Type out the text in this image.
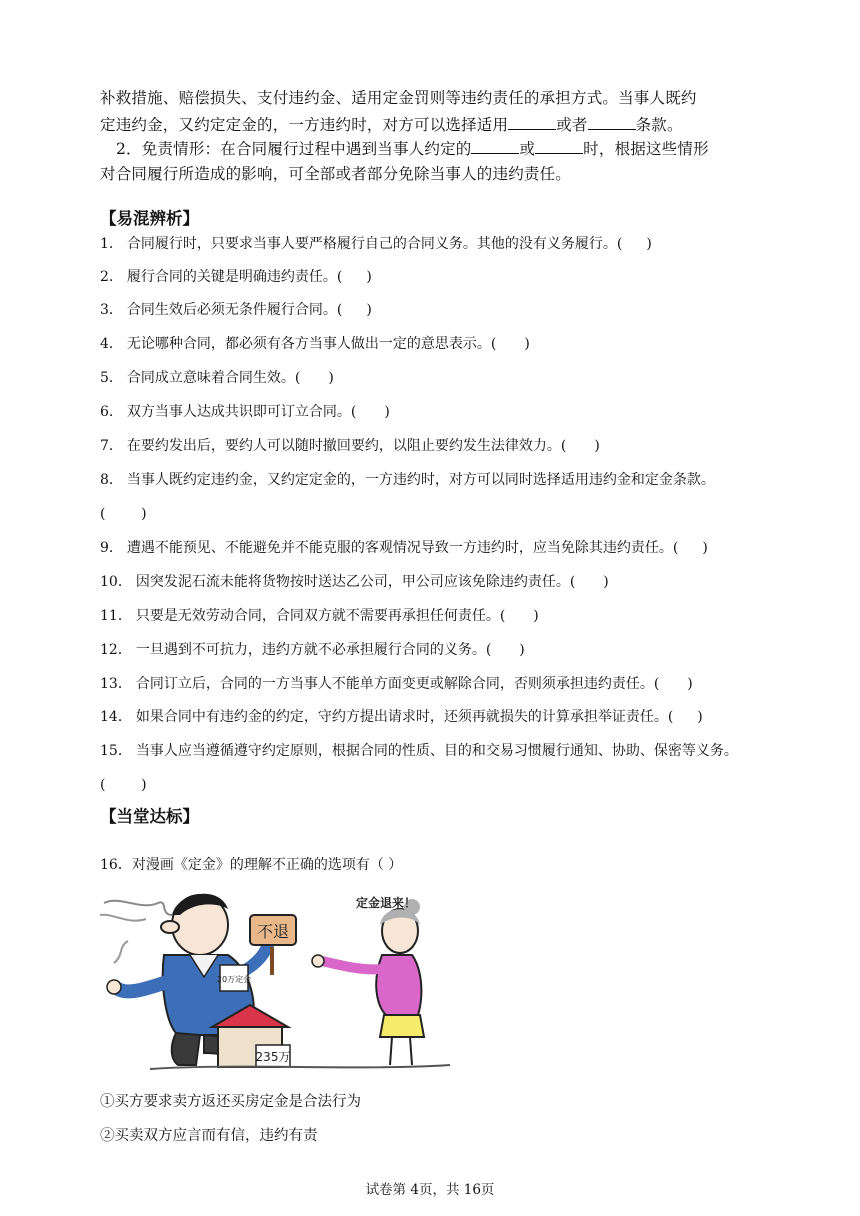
补救措施、赔偿损失、支付违约金、适用定金罚则等违约责任的承担方式。当事人既约
定违约金，又约定定金的，一方违约时，对方可以选择适用	或者	条款。
2．免责情形：在合同履行过程中遇到当事人约定的	或	时，根据这些情形
对合同履行所造成的影响，可全部或者部分免除当事人的违约责任。
【易混辨析】
1． 合同履行时，只要求当事人要严格履行自己的合同义务。其他的没有义务履行。( )
2． 履行合同的关键是明确违约责任。( )
3． 合同生效后必须无条件履行合同。( )
4． 无论哪种合同，都必须有各方当事人做出一定的意思表示。( )
5． 合同成立意味着合同生效。( )
6． 双方当事人达成共识即可订立合同。( )
7． 在要约发出后，要约人可以随时撤回要约，以阻止要约发生法律效力。( )
8． 当事人既约定违约金，又约定定金的，一方违约时，对方可以同时选择适用违约金和定金条款。
(        )
9． 遭遇不能预见、不能避免并不能克服的客观情况导致一方违约时，应当免除其违约责任。( )
10． 因突发泥石流未能将货物按时送达乙公司，甲公司应该免除违约责任。( )
11． 只要是无效劳动合同，合同双方就不需要再承担任何责任。( )
12． 一旦遇到不可抗力，违约方就不必承担履行合同的义务。( )
13． 合同订立后，合同的一方当事人不能单方面变更或解除合同，否则须承担违约责任。( )
14． 如果合同中有违约金的约定，守约方提出请求时，还须再就损失的计算承担举证责任。( )
15． 当事人应当遵循遵守约定原则，根据合同的性质、目的和交易习惯履行通知、协助、保密等义务。
(        )
【当堂达标】
16．对漫画《定金》的理解不正确的选项有（ ）
不退
20万定金
235万
定金退来！
①买方要求卖方返还买房定金是合法行为
②买卖双方应言而有信，违约有责
试卷第 4页，共 16页
